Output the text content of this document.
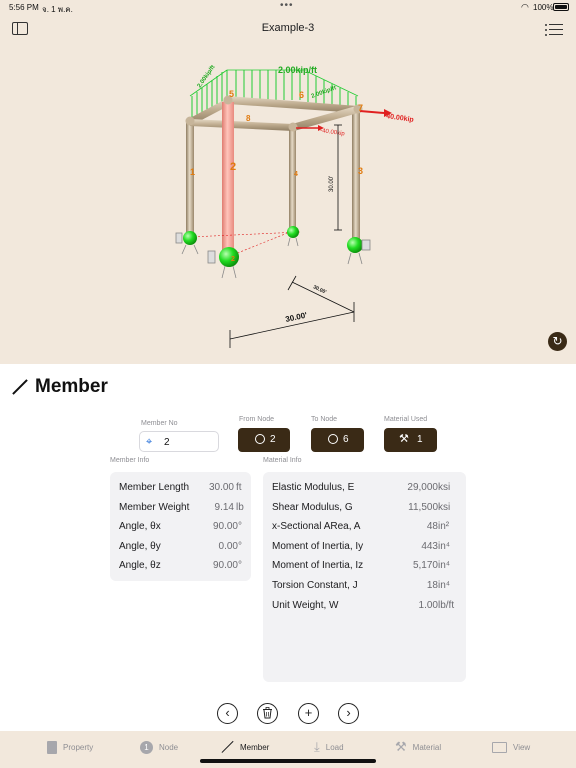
5:56 PM จ. 1 พ.ค.	•••	◠ 100%
Example-3
2.00kip/ft
2.00kip/ft
2.00kip/ft
40.00kip
-40.00kip
30.00'
30.00'
30.00'
1	2	3
4
5	6
7
8
2
↻
Member
Member No
From Node	To Node	Material Used
⌖	2	2	6	⚒ 1
Member Info	Material Info
Member Length 30.00 ft
Member Weight	9.14 lb
Angle, θx	90.00°
Angle, θy	0.00°
Angle, θz	90.00°
Elastic Modulus, E	29,000 ksi
Shear Modulus, G	11,500 ksi
x-Sectional ARea, A	48 in²
Moment of Inertia, Iy	443 in⁴
Moment of Inertia, Iz	5,170 in⁴
Torsion Constant, J	18 in⁴
Unit Weight, W	1.00 lb/ft
‹	+	›
Property	1	Node	Member	⤓ Load	⚒ Material	View
